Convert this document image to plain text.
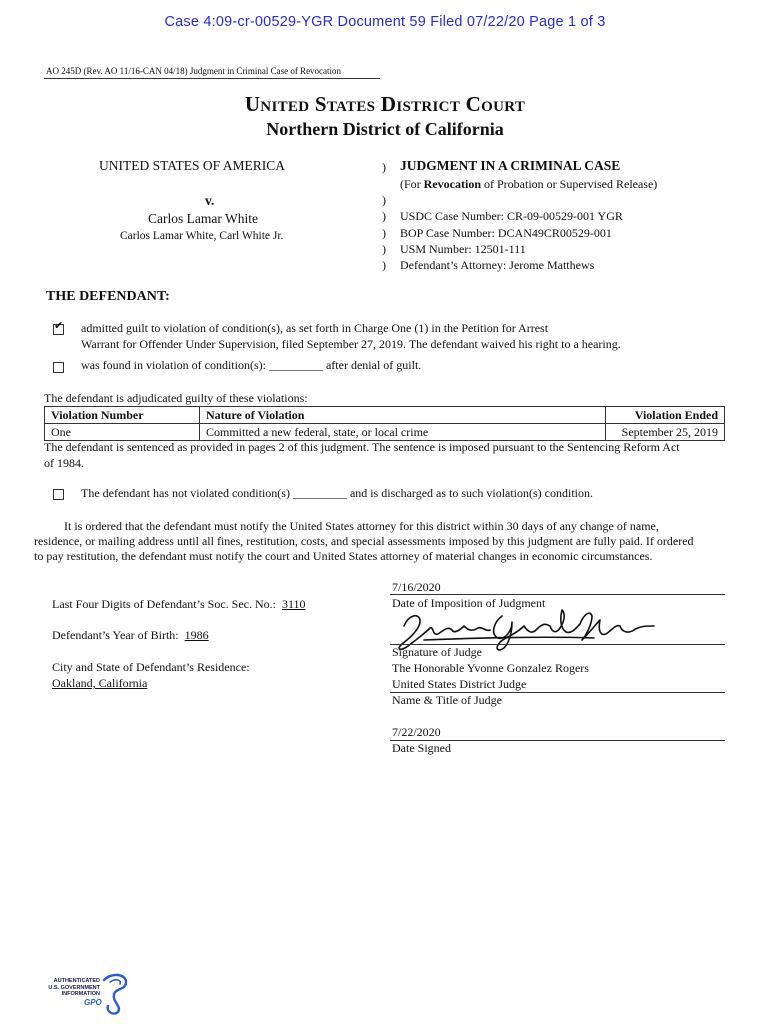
Case 4:09-cr-00529-YGR Document 59 Filed 07/22/20 Page 1 of 3
AO 245D (Rev. AO 11/16-CAN 04/18) Judgment in Criminal Case of Revocation
United States District Court
Northern District of California
UNITED STATES OF AMERICA
v.
Carlos Lamar White
Carlos Lamar White, Carl White Jr.
)
)
)
)
)
)
JUDGMENT IN A CRIMINAL CASE
(For Revocation of Probation or Supervised Release)
USDC Case Number: CR-09-00529-001 YGR
BOP Case Number: DCAN49CR00529-001
USM Number: 12501-111
Defendant’s Attorney: Jerome Matthews
THE DEFENDANT:
✔ admitted guilt to violation of condition(s), as set forth in Charge One (1) in the Petition for Arrest
Warrant for Offender Under Supervision, filed September 27, 2019. The defendant waived his right to a hearing.
was found in violation of condition(s): _________ after denial of guilt.
The defendant is adjudicated guilty of these violations:
Violation Number	Nature of Violation	Violation Ended
One	Committed a new federal, state, or local crime	September 25, 2019
The defendant is sentenced as provided in pages 2 of this judgment. The sentence is imposed pursuant to the Sentencing Reform Act
of 1984.
The defendant has not violated condition(s) _________ and is discharged as to such violation(s) condition.
It is ordered that the defendant must notify the United States attorney for this district within 30 days of any change of name,
residence, or mailing address until all fines, restitution, costs, and special assessments imposed by this judgment are fully paid. If ordered
to pay restitution, the defendant must notify the court and United States attorney of material changes in economic circumstances.
Last Four Digits of Defendant’s Soc. Sec. No.: 3110
Defendant’s Year of Birth: 1986
City and State of Defendant’s Residence:
Oakland, California
7/16/2020
Date of Imposition of Judgment
Signature of Judge
The Honorable Yvonne Gonzalez Rogers
United States District Judge
Name & Title of Judge
7/22/2020
Date Signed
AUTHENTICATED
U.S. GOVERNMENT
INFORMATION
GPO
